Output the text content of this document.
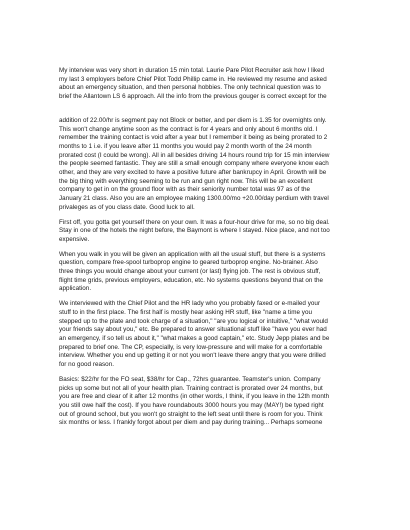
My interview was very short in duration 15 min total. Laurie Pare Pilot Recruiter ask how I liked
my last 3 employers before Chief Pilot Todd Phillip came in. He reviewed my resume and asked
about an emergency situation, and then personal hobbies. The only technical question was to
brief the Allantown LS 6 approach. All the info from the previous gouger is correct except for the

addition of 22.00/hr is segment pay not Block or better, and per diem is 1.35 for overnights only.
This won't change anytime soon as the contract is for 4 years and only about 6 months old. I
remember the training contact is void after a year but I remember it being as being prorated to 2
months to 1 i.e. if you leave after 11 months you would pay 2 month worth of the 24 month
prorated cost (I could be wrong). All in all besides driving 14 hours round trip for 15 min interview
the people seemed fantastic. They are still a small enough company where everyone know each
other, and they are very excited to have a positive future after bankrupcy in April. Growth will be
the big thing with everything seeming to be run and gun right now. This will be an excellent
company to get in on the ground floor with as their seniority number total was 97 as of the
January 21 class. Also you are an employee making 1300.00/mo +20.00/day perdium with travel
privaleges as of you class date. Good luck to all.

First off, you gotta get yourself there on your own. It was a four-hour drive for me, so no big deal.
Stay in one of the hotels the night before, the Baymont is where I stayed. Nice place, and not too
expensive.

When you walk in you will be given an application with all the usual stuff, but there is a systems
question, compare free-spool turboprop engine to geared turboprop engine. No-brainer. Also
three things you would change about your current (or last) flying job. The rest is obvious stuff,
flight time grids, previous employers, education, etc. No systems questions beyond that on the
application.

We interviewed with the Chief Pilot and the HR lady who you probably faxed or e-mailed your
stuff to in the first place. The first half is mostly hear asking HR stuff, like "name a time you
stepped up to the plate and took charge of a situation," "are you logical or intuitive," "what would
your friends say about you," etc. Be prepared to answer situational stuff like "have you ever had
an emergency, if so tell us about it," "what makes a good captain," etc. Study Jepp plates and be
prepared to brief one. The CP, especially, is very low-pressure and will make for a comfortable
interview. Whether you end up getting it or not you won't leave there angry that you were drilled
for no good reason.

Basics: $22/hr for the FO seat, $38/hr for Cap., 72hrs guarantee. Teamster's union. Company
picks up some but not all of your health plan. Training contract is prorated over 24 months, but
you are free and clear of it after 12 months (in other words, I think, if you leave in the 12th month
you still owe half the cost). If you have roundabouts 3000 hours you may (MAY!) be typed right
out of ground school, but you won't go straight to the left seat until there is room for you. Think
six months or less. I frankly forgot about per diem and pay during training... Perhaps someone
